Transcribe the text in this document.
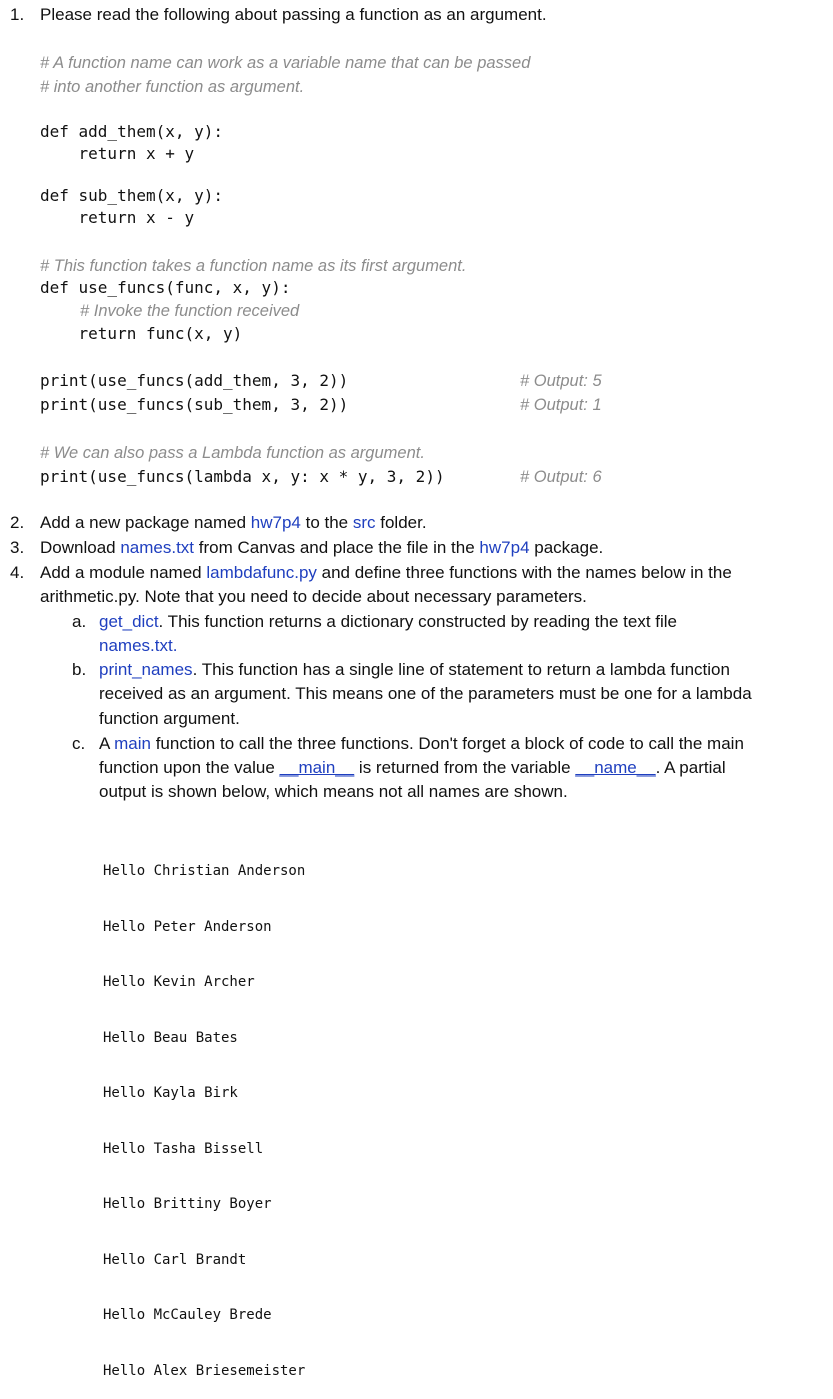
1. Please read the following about passing a function as an argument.
# A function name can work as a variable name that can be passed
# into another function as argument.
def add_them(x, y):
return x + y
def sub_them(x, y):
return x - y
# This function takes a function name as its first argument.
def use_funcs(func, x, y):
# Invoke the function received
return func(x, y)
print(use_funcs(add_them, 3, 2))	# Output: 5
print(use_funcs(sub_them, 3, 2))	# Output: 1
# We can also pass a Lambda function as argument.
print(use_funcs(lambda x, y: x * y, 3, 2))	# Output: 6
2. Add a new package named hw7p4 to the src folder.
3. Download names.txt from Canvas and place the file in the hw7p4 package.
4. Add a module named lambdafunc.py and define three functions with the names below in the
arithmetic.py. Note that you need to decide about necessary parameters.
a. get_dict. This function returns a dictionary constructed by reading the text file
names.txt.
b. print_names. This function has a single line of statement to return a lambda function
received as an argument. This means one of the parameters must be one for a lambda
function argument.
c. A main function to call the three functions. Don't forget a block of code to call the main
function upon the value __main__ is returned from the variable __name__. A partial
output is shown below, which means not all names are shown.

Hello Christian Anderson

Hello Peter Anderson

Hello Kevin Archer

Hello Beau Bates

Hello Kayla Birk

Hello Tasha Bissell

Hello Brittiny Boyer

Hello Carl Brandt

Hello McCauley Brede

Hello Alex Briesemeister
